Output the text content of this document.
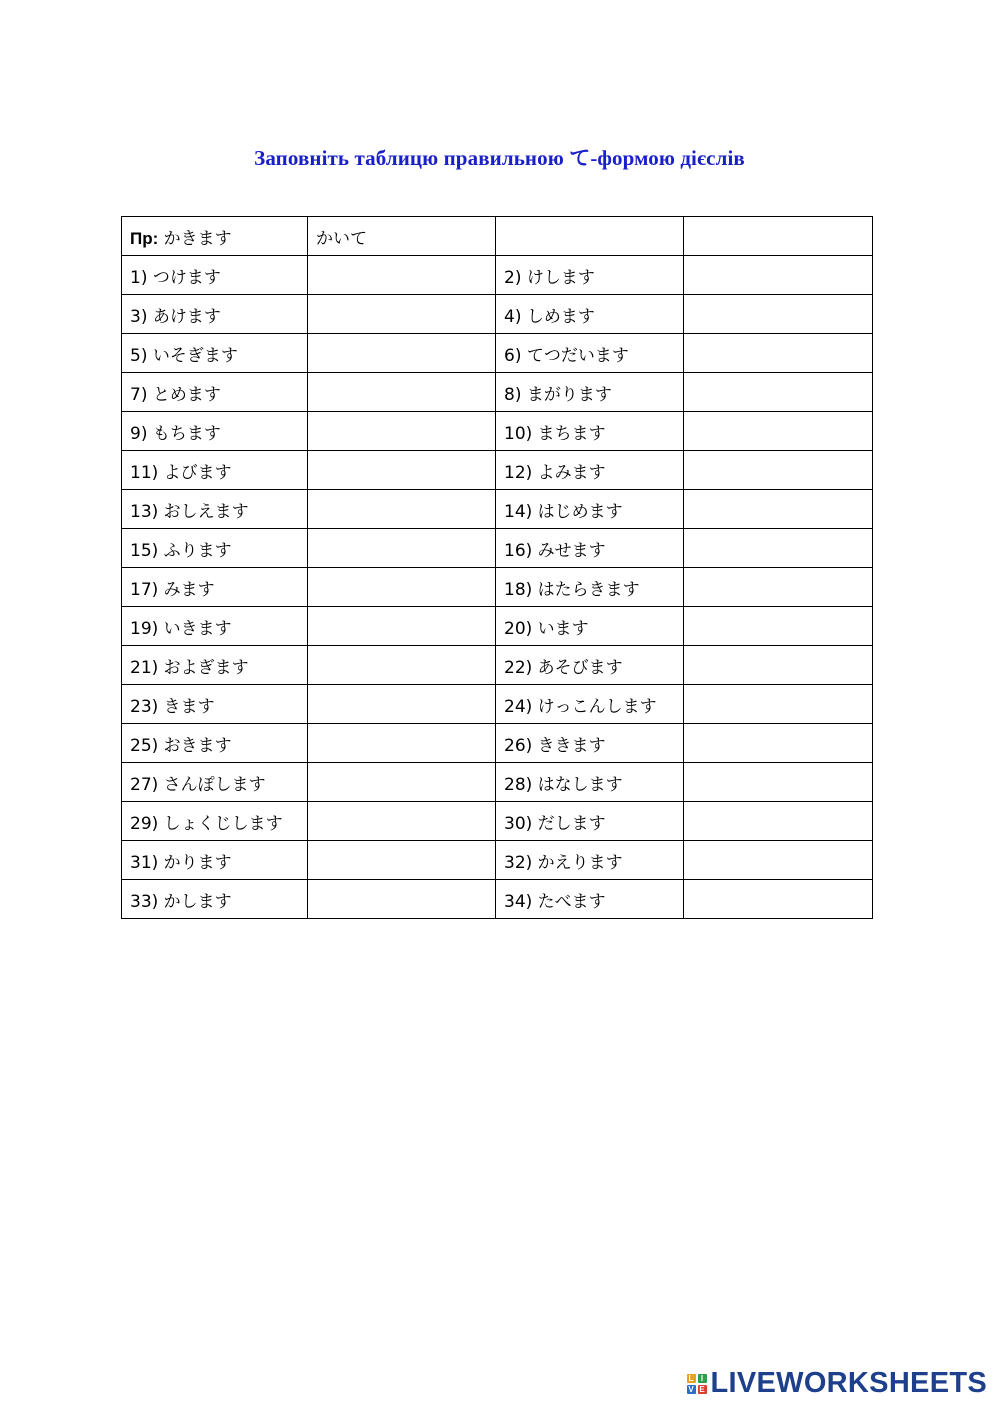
Заповніть таблицю правильною て-формою дієслів
Пр: かきます	かいて		
1) つけます		2) けします	
3) あけます		4) しめます	
5) いそぎます		6) てつだいます	
7) とめます		8) まがります	
9) もちます		10) まちます	
11) よびます		12) よみます	
13) おしえます		14) はじめます	
15) ふります		16) みせます	
17) みます		18) はたらきます	
19) いきます		20) います	
21) およぎます		22) あそびます	
23) きます		24) けっこんします	
25) おきます		26) ききます	
27) さんぽします		28) はなします	
29) しょくじします		30) だします	
31) かります		32) かえります	
33) かします		34) たべます	
L I
V E LIVEWORKSHEETS
